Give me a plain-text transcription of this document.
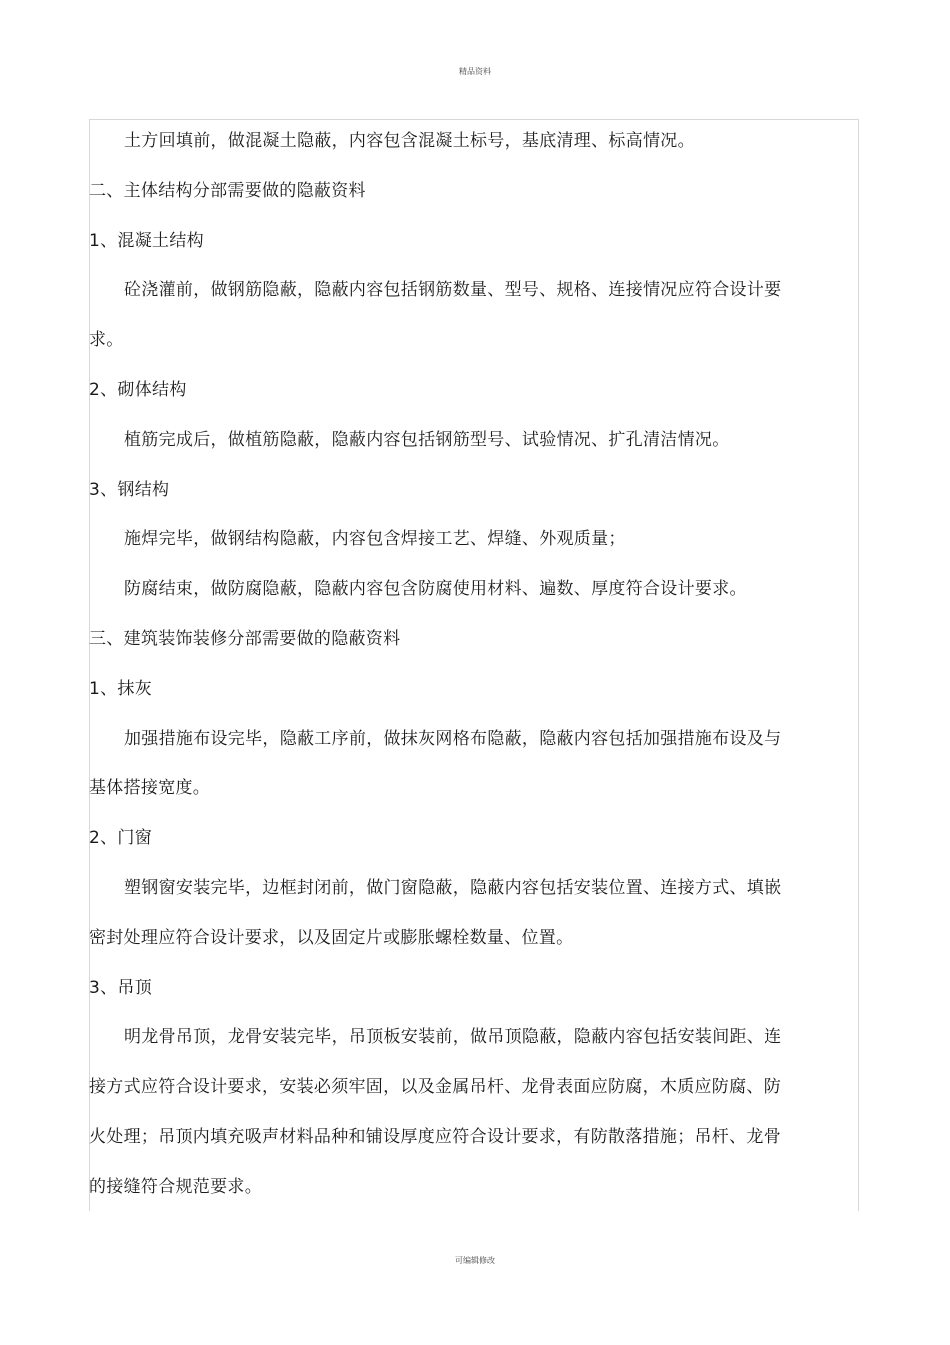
精品资料
土方回填前，做混凝土隐蔽，内容包含混凝土标号，基底清理、标高情况。
二、主体结构分部需要做的隐蔽资料
1、混凝土结构
砼浇灌前，做钢筋隐蔽，隐蔽内容包括钢筋数量、型号、规格、连接情况应符合设计要
求。
2、砌体结构
植筋完成后，做植筋隐蔽，隐蔽内容包括钢筋型号、试验情况、扩孔清洁情况。
3、钢结构
施焊完毕，做钢结构隐蔽，内容包含焊接工艺、焊缝、外观质量；
防腐结束，做防腐隐蔽，隐蔽内容包含防腐使用材料、遍数、厚度符合设计要求。
三、建筑装饰装修分部需要做的隐蔽资料
1、抹灰
加强措施布设完毕，隐蔽工序前，做抹灰网格布隐蔽，隐蔽内容包括加强措施布设及与
基体搭接宽度。
2、门窗
塑钢窗安装完毕，边框封闭前，做门窗隐蔽，隐蔽内容包括安装位置、连接方式、填嵌
密封处理应符合设计要求，以及固定片或膨胀螺栓数量、位置。
3、吊顶
明龙骨吊顶，龙骨安装完毕，吊顶板安装前，做吊顶隐蔽，隐蔽内容包括安装间距、连
接方式应符合设计要求，安装必须牢固，以及金属吊杆、龙骨表面应防腐，木质应防腐、防
火处理；吊顶内填充吸声材料品种和铺设厚度应符合设计要求，有防散落措施；吊杆、龙骨
的接缝符合规范要求。
可编辑修改
